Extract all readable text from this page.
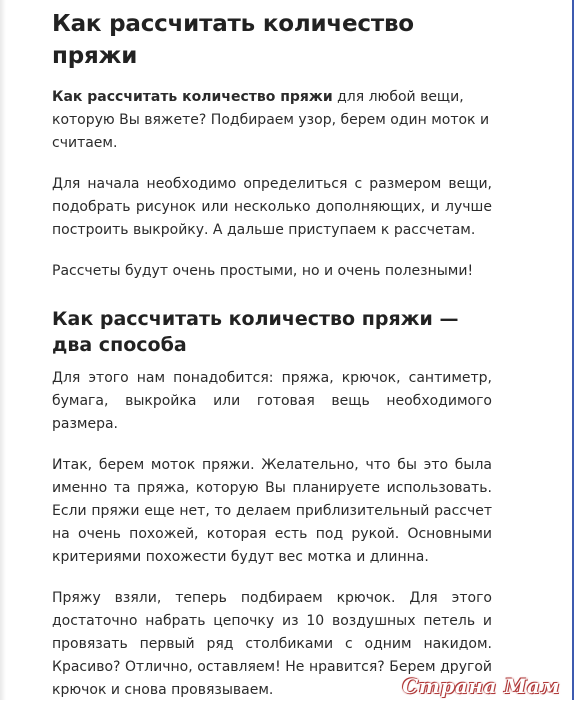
Как рассчитать количество пряжи

Как рассчитать количество пряжи для любой вещи, которую Вы вяжете? Подбираем узор, берем один моток и считаем.

Для начала необходимо определиться с размером вещи, подобрать рисунок или несколько дополняющих, и лучше построить выкройку. А дальше приступаем к рассчетам.

Рассчеты будут очень простыми, но и очень полезными!

Как рассчитать количество пряжи — два способа

Для этого нам понадобится: пряжа, крючок, сантиметр, бумага, выкройка или готовая вещь необходимого размера.

Итак, берем моток пряжи. Желательно, что бы это была именно та пряжа, которую Вы планируете использовать. Если пряжи еще нет, то делаем приблизительный рассчет на очень похожей, которая есть под рукой. Основными критериями похожести будут вес мотка и длинна.

Пряжу взяли, теперь подбираем крючок. Для этого достаточно набрать цепочку из 10 воздушных петель и провязать первый ряд столбиками с одним накидом. Красиво? Отлично, оставляем! Не нравится? Берем другой крючок и снова провязываем.	Страна Мам
